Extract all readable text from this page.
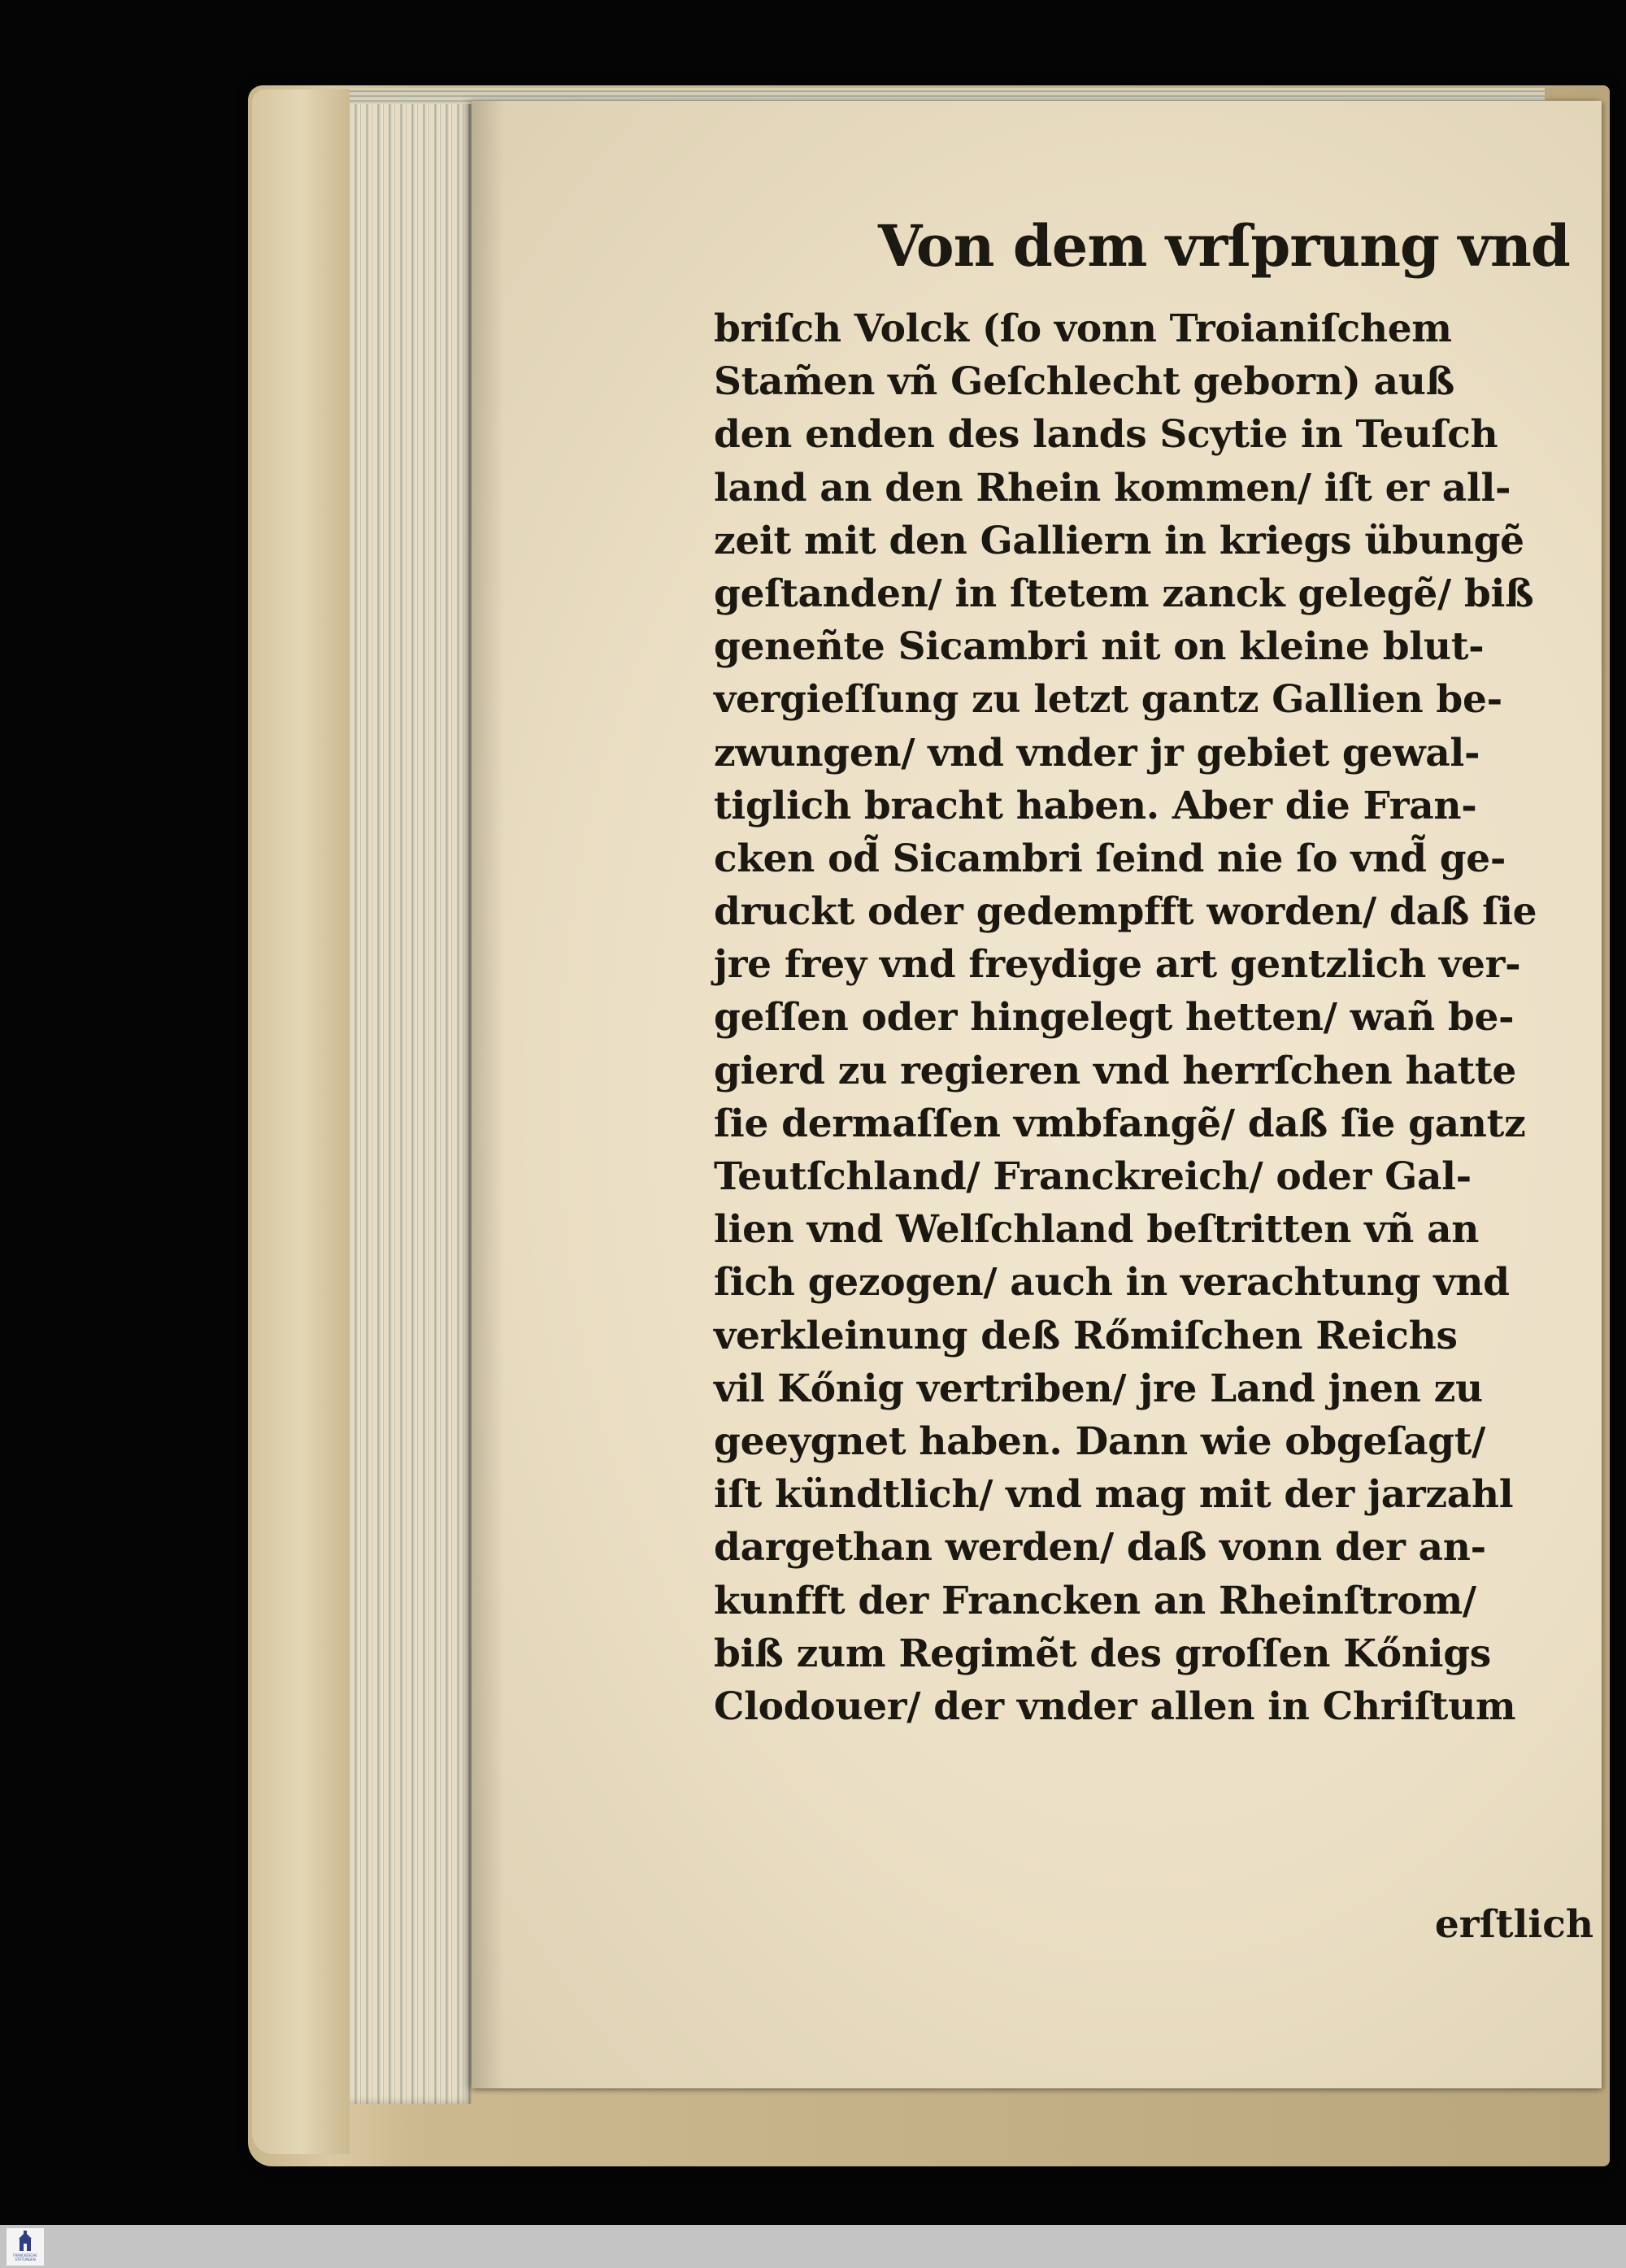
Von dem vrſprung vnd
briſch Volck (ſo vonn Troianiſchem
Stam̃en vñ Geſchlecht geborn) auß
den enden des lands Scytie in Teuſch
land an den Rhein kommen/ iſt er all-
zeit mit den Galliern in kriegs übungẽ
geſtanden/ in ſtetem zanck gelegẽ/ biß
geneñte Sicambri nit on kleine blut-
vergieſſung zu letzt gantz Gallien be-
zwungen/ vnd vnder jr gebiet gewal-
tiglich bracht haben. Aber die Fran-
cken od̃ Sicambri ſeind nie ſo vnd̃ ge-
druckt oder gedempfft worden/ daß ſie
jre frey vnd freydige art gentzlich ver-
geſſen oder hingelegt hetten/ wañ be-
gierd zu regieren vnd herrſchen hatte
ſie dermaſſen vmbfangẽ/ daß ſie gantz
Teutſchland/ Franckreich/ oder Gal-
lien vnd Welſchland beſtritten vñ an
ſich gezogen/ auch in verachtung vnd
verkleinung deß Rőmiſchen Reichs
vil Kőnig vertriben/ jre Land jnen zu
geeygnet haben. Dann wie obgeſagt/
iſt kündtlich/ vnd mag mit der jarzahl
dargethan werden/ daß vonn der an-
kunfft der Francken an Rheinſtrom/
biß zum Regimẽt des groſſen Kőnigs
Clodouer/ der vnder allen in Chriſtum
erſtlich
FRANCKESCHE STIFTUNGEN
